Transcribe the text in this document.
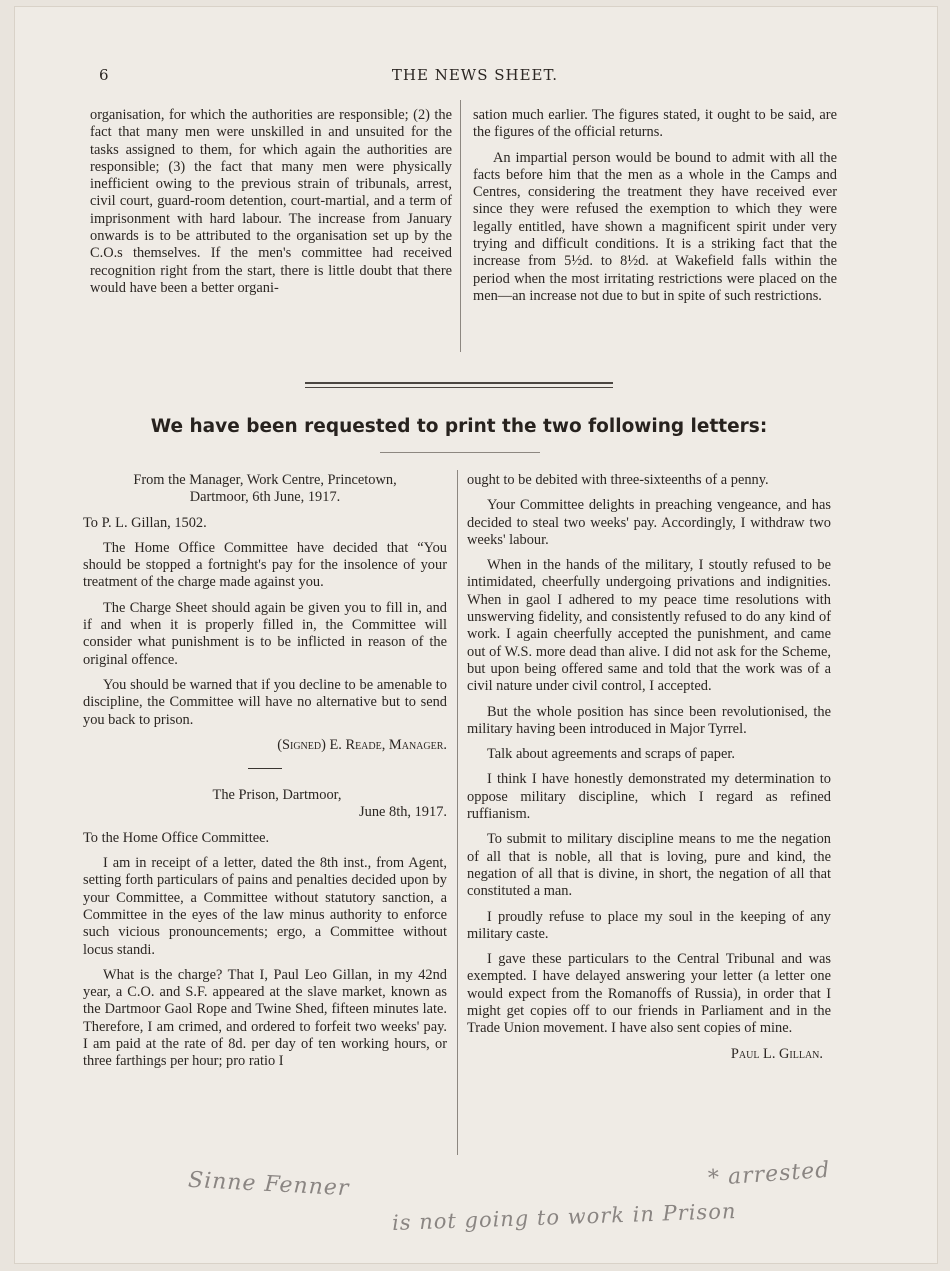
6	THE NEWS SHEET.

organisation, for which the authorities are responsible; (2) the fact that many men were unskilled in and unsuited for the tasks assigned to them, for which again the authorities are responsible; (3) the fact that many men were physically inefficient owing to the previous strain of tribunals, arrest, civil court, guard-room detention, court-martial, and a term of imprisonment with hard labour. The increase from January onwards is to be attributed to the organisation set up by the C.O.s themselves. If the men's committee had received recognition right from the start, there is little doubt that there would have been a better organi-

sation much earlier. The figures stated, it ought to be said, are the figures of the official returns.

An impartial person would be bound to admit with all the facts before him that the men as a whole in the Camps and Centres, considering the treatment they have received ever since they were refused the exemption to which they were legally entitled, have shown a magnificent spirit under very trying and difficult conditions. It is a striking fact that the increase from 5½d. to 8½d. at Wakefield falls within the period when the most irritating restrictions were placed on the men—an increase not due to but in spite of such restrictions.

We have been requested to print the two following letters:

From the Manager, Work Centre, Princetown,

Dartmoor, 6th June, 1917.

To P. L. Gillan, 1502.

The Home Office Committee have decided that “You should be stopped a fortnight's pay for the insolence of your treatment of the charge made against you.

The Charge Sheet should again be given you to fill in, and if and when it is properly filled in, the Committee will consider what punishment is to be inflicted in reason of the original offence.

You should be warned that if you decline to be amenable to discipline, the Committee will have no alternative but to send you back to prison.

(Signed) E. Reade, Manager.

The Prison, Dartmoor,

June 8th, 1917.

To the Home Office Committee.

I am in receipt of a letter, dated the 8th inst., from Agent, setting forth particulars of pains and penalties decided upon by your Committee, a Committee without statutory sanction, a Committee in the eyes of the law minus authority to enforce such vicious pronouncements; ergo, a Committee without locus standi.

What is the charge? That I, Paul Leo Gillan, in my 42nd year, a C.O. and S.F. appeared at the slave market, known as the Dartmoor Gaol Rope and Twine Shed, fifteen minutes late. Therefore, I am crimed, and ordered to forfeit two weeks' pay. I am paid at the rate of 8d. per day of ten working hours, or three farthings per hour; pro ratio I

ought to be debited with three-sixteenths of a penny.

Your Committee delights in preaching vengeance, and has decided to steal two weeks' pay. Accordingly, I withdraw two weeks' labour.

When in the hands of the military, I stoutly refused to be intimidated, cheerfully undergoing privations and indignities. When in gaol I adhered to my peace time resolutions with unswerving fidelity, and consistently refused to do any kind of work. I again cheerfully accepted the punishment, and came out of W.S. more dead than alive. I did not ask for the Scheme, but upon being offered same and told that the work was of a civil nature under civil control, I accepted.

But the whole position has since been revolutionised, the military having been introduced in Major Tyrrel.

Talk about agreements and scraps of paper.

I think I have honestly demonstrated my determination to oppose military discipline, which I regard as refined ruffianism.

To submit to military discipline means to me the negation of all that is noble, all that is loving, pure and kind, the negation of all that is divine, in short, the negation of all that constituted a man.

I proudly refuse to place my soul in the keeping of any military caste.

I gave these particulars to the Central Tribunal and was exempted. I have delayed answering your letter (a letter one would expect from the Romanoffs of Russia), in order that I might get copies off to our friends in Parliament and in the Trade Union movement. I have also sent copies of mine.

Paul L. Gillan.

Sinne Fenner	* arrested
is not going to work in Prison
